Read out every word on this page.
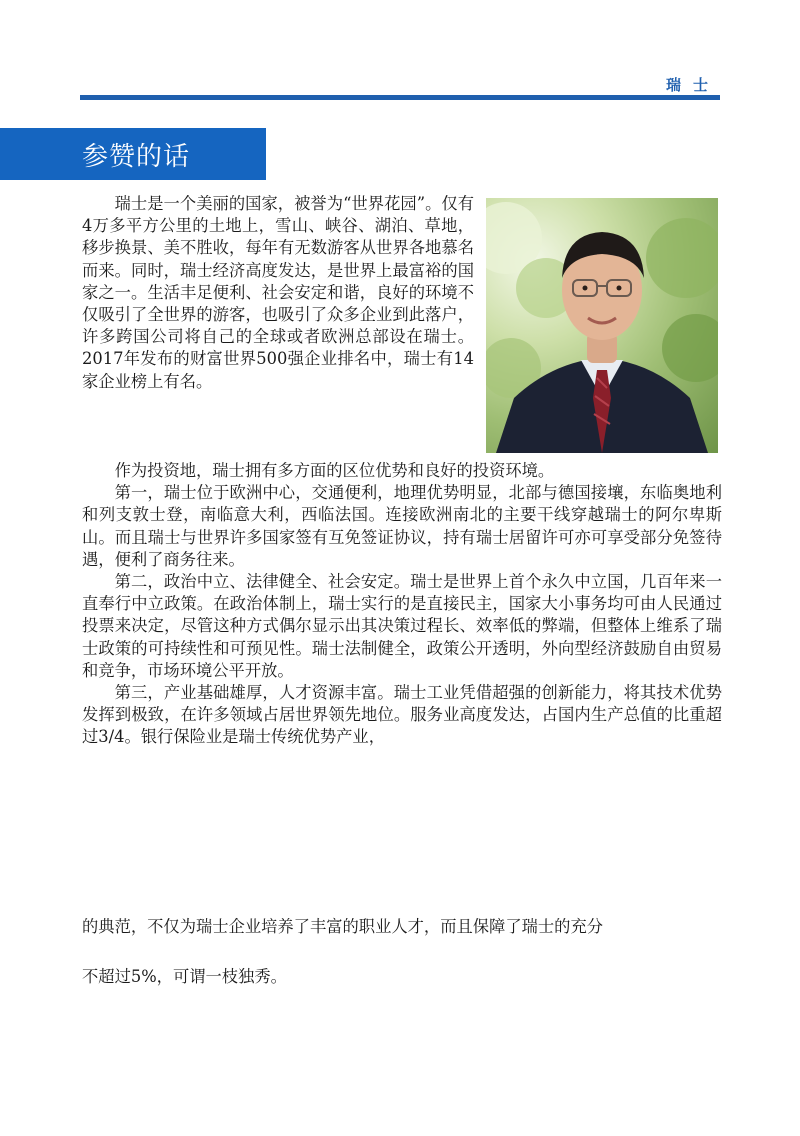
瑞士
参赞的话

瑞士是一个美丽的国家，被誉为“世界花园”。仅有4万多平方公里的土地上，雪山、峡谷、湖泊、草地，移步换景、美不胜收，每年有无数游客从世界各地慕名而来。同时，瑞士经济高度发达，是世界上最富裕的国家之一。生活丰足便利、社会安定和谐，良好的环境不仅吸引了全世界的游客，也吸引了众多企业到此落户，许多跨国公司将自己的全球或者欧洲总部设在瑞士。2017年发布的财富世界500强企业排名中，瑞士有14家企业榜上有名。

作为投资地，瑞士拥有多方面的区位优势和良好的投资环境。

第一，瑞士位于欧洲中心，交通便利，地理优势明显，北部与德国接壤，东临奥地利和列支敦士登，南临意大利，西临法国。连接欧洲南北的主要干线穿越瑞士的阿尔卑斯山。而且瑞士与世界许多国家签有互免签证协议，持有瑞士居留许可亦可享受部分免签待遇，便利了商务往来。

第二，政治中立、法律健全、社会安定。瑞士是世界上首个永久中立国，几百年来一直奉行中立政策。在政治体制上，瑞士实行的是直接民主，国家大小事务均可由人民通过投票来决定，尽管这种方式偶尔显示出其决策过程长、效率低的弊端，但整体上维系了瑞士政策的可持续性和可预见性。瑞士法制健全，政策公开透明，外向型经济鼓励自由贸易和竞争，市场环境公平开放。

第三，产业基础雄厚，人才资源丰富。瑞士工业凭借超强的创新能力，将其技术优势发挥到极致，在许多领域占居世界领先地位。服务业高度发达，占国内生产总值的比重超过3/4。银行保险业是瑞士传统优势产业，

的典范，不仅为瑞士企业培养了丰富的职业人才，而且保障了瑞士的充分
不超过5%，可谓一枝独秀。
